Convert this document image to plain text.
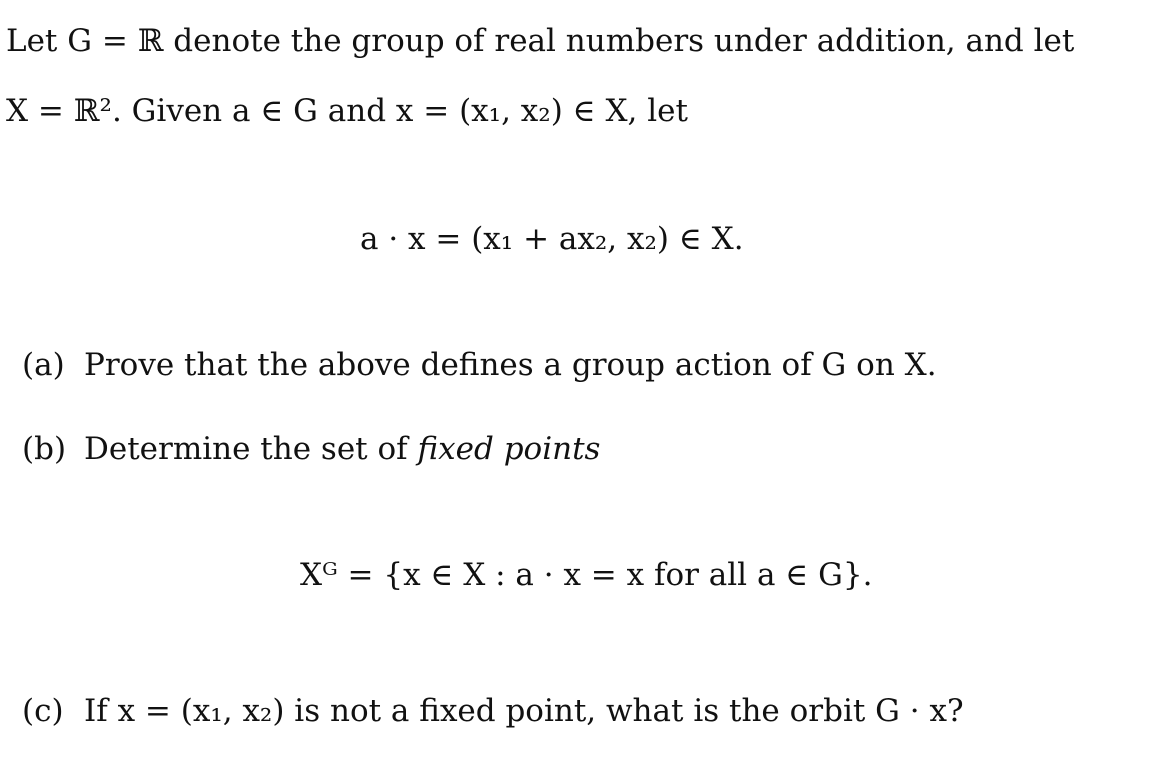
Let G = ℝ denote the group of real numbers under addition, and let
X = ℝ². Given a ∈ G and x = (x₁, x₂) ∈ X, let
a · x = (x₁ + ax₂, x₂) ∈ X.
(a) Prove that the above defines a group action of G on X.
(b) Determine the set of fixed points
Xᴳ = {x ∈ X : a · x = x for all a ∈ G}.
(c) If x = (x₁, x₂) is not a fixed point, what is the orbit G · x?
